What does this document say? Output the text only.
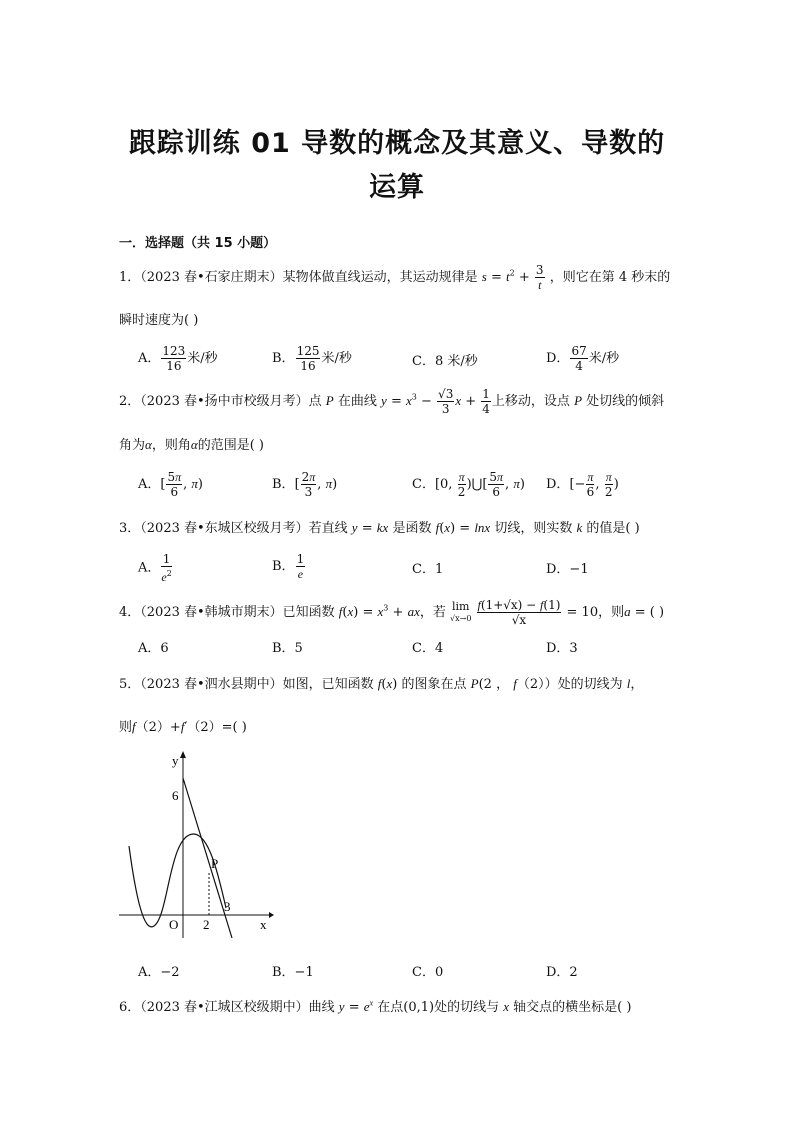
跟踪训练 01 导数的概念及其意义、导数的
运算
一．选择题（共 15 小题）
1．（2023 春•石家庄期末）某物体做直线运动，其运动规律是 $s = t^2 + \frac{3}{t}$ ，则它在第 4 秒末的
瞬时速度为( )
A． $\frac{123}{16}$ 米/秒	B． $\frac{125}{16}$ 米/秒	C．8 米/秒	D． $\frac{67}{4}$ 米/秒
2．（2023 春•扬中市校级月考）点 P 在曲线 $y = x^3 - \frac{√3}{3}$ $x + \frac{1}{4}$ 上移动，设点 P 处切线的倾斜
角为α，则角α的范围是( )
A．[ $\frac{5\pi}{6}$ , π)	B．[ $\frac{2\pi}{3}$ , π)	C．[0, $\frac{\pi}{2}$ )⋃[ $\frac{5\pi}{6}$ , π) D．[− $\frac{\pi}{6}$ , $\frac{\pi}{2}$ )
3．（2023 春•东城区校级月考）若直线 y = kx 是函数 f(x) = lnx 切线，则实数 k 的值是( )
A． $\frac{1}{e^2}$	B． $\frac{1}{e}$	C．1	D．−1
4．（2023 春•韩城市期末）已知函数 $f(x) = x^3$ + ax，若 lim
$√x\to 0 \frac{f(1+√x) - f(1)}{√x} = 10$，则a = ( )
A．6	B．5	C．4	D．3
5．（2023 春•泗水县期中）如图，已知函数 f(x) 的图象在点 P(2 ， f（2））处的切线为 l，
则f（2）+f′（2）=( )
y
x
O
6
P
2
3
A．−2	B．−1	C．0	D．2
6．（2023 春•江城区校级期中）曲线 $y = e^x$ 在点(0,1)处的切线与 x 轴交点的横坐标是( )
